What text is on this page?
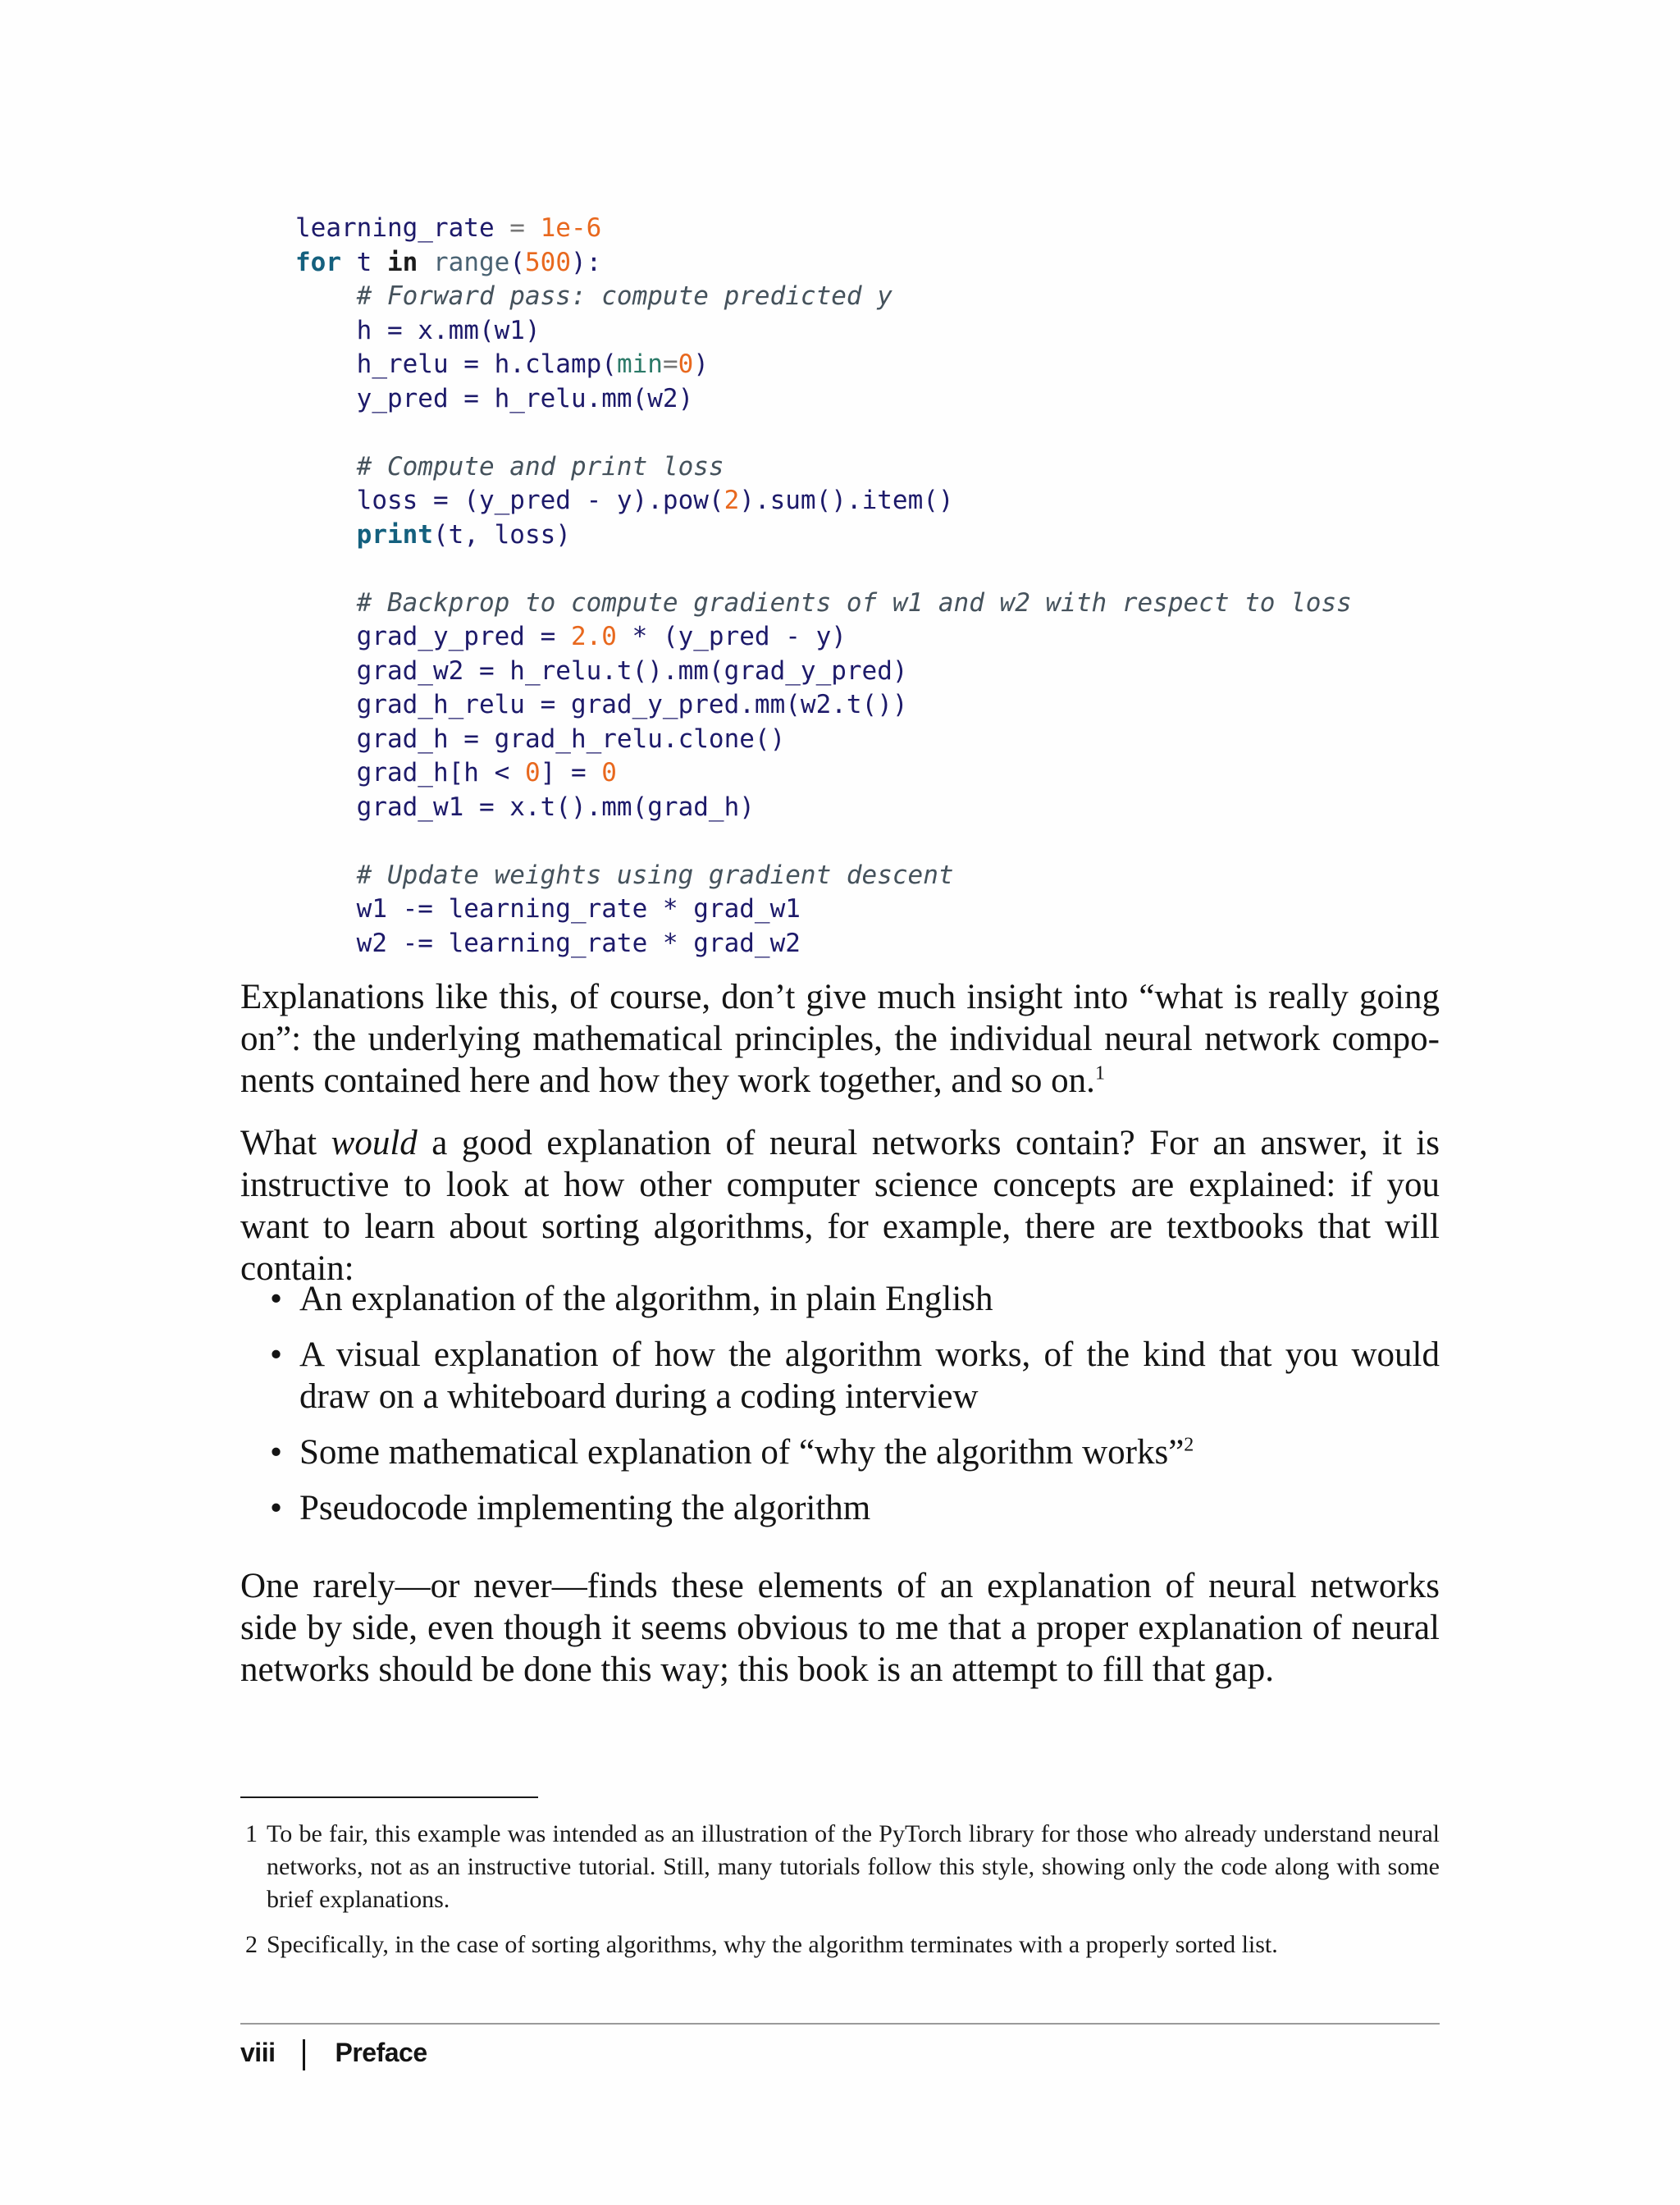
learning_rate = 1e-6
for t in range(500):
# Forward pass: compute predicted y
h = x.mm(w1)
h_relu = h.clamp(min=0)
y_pred = h_relu.mm(w2)
# Compute and print loss
loss = (y_pred - y).pow(2).sum().item()
print(t, loss)
# Backprop to compute gradients of w1 and w2 with respect to loss
grad_y_pred = 2.0 * (y_pred - y)
grad_w2 = h_relu.t().mm(grad_y_pred)
grad_h_relu = grad_y_pred.mm(w2.t())
grad_h = grad_h_relu.clone()
grad_h[h < 0] = 0
grad_w1 = x.t().mm(grad_h)
# Update weights using gradient descent
w1 -= learning_rate * grad_w1
w2 -= learning_rate * grad_w2

Explanations like this, of course, don’t give much insight into “what is really going on”: the underlying mathematical principles, the individual neural network components contained here and how they work together, and so on.$^1$

What would a good explanation of neural networks contain? For an answer, it is instructive to look at how other computer science concepts are explained: if you want to learn about sorting algorithms, for example, there are textbooks that will contain:

• An explanation of the algorithm, in plain English
• A visual explanation of how the algorithm works, of the kind that you would draw on a whiteboard during a coding interview
• Some mathematical explanation of “why the algorithm works”$^2$
• Pseudocode implementing the algorithm

One rarely—or never—finds these elements of an explanation of neural networks side by side, even though it seems obvious to me that a proper explanation of neural networks should be done this way; this book is an attempt to fill that gap.

1 To be fair, this example was intended as an illustration of the PyTorch library for those who already understand neural networks, not as an instructive tutorial. Still, many tutorials follow this style, showing only the code along with some brief explanations.
2 Specifically, in the case of sorting algorithms, why the algorithm terminates with a properly sorted list.
viii Preface
